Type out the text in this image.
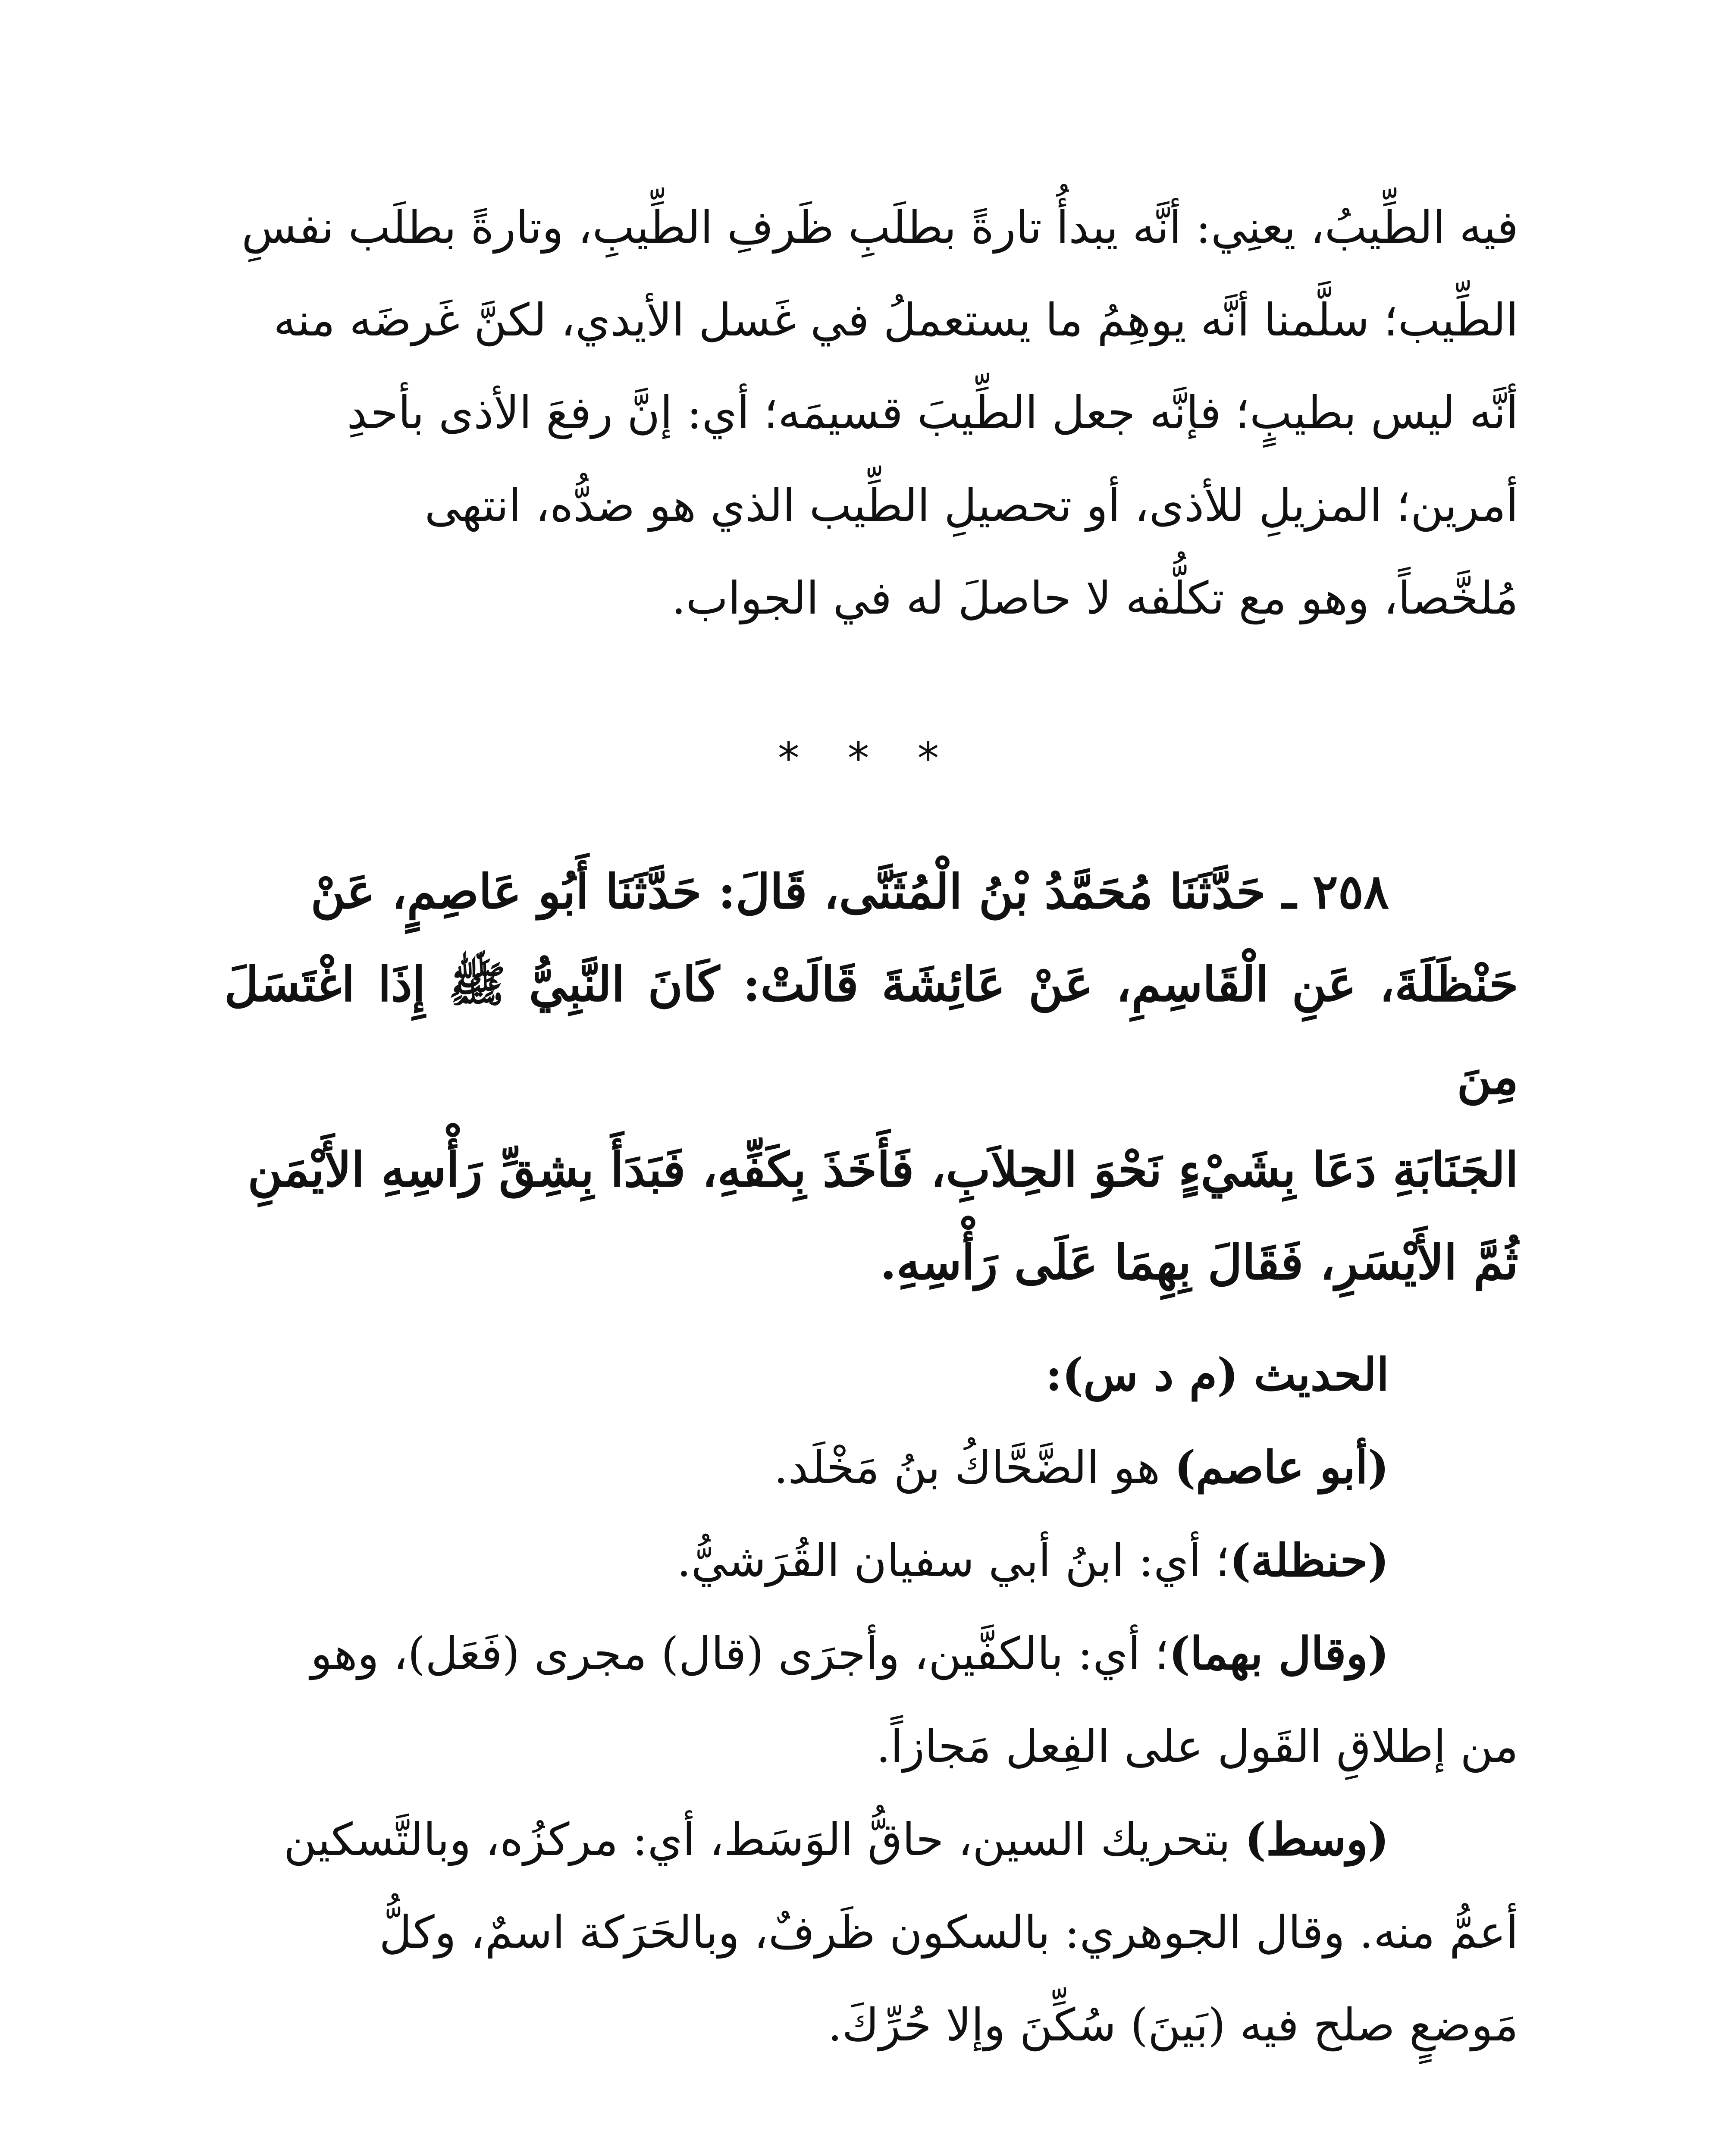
فيه الطِّيبُ، يعنِي: أنَّه يبدأُ تارةً بطلَبِ ظَرفِ الطِّيبِ، وتارةً بطلَب نفسِ
الطِّيب؛ سلَّمنا أنَّه يوهِمُ ما يستعملُ في غَسل الأيدي، لكنَّ غَرضَه منه
أنَّه ليس بطيبٍ؛ فإنَّه جعل الطِّيبَ قسيمَه؛ أي: إنَّ رفعَ الأذى بأحدِ
أمرين؛ المزيلِ للأذى، أو تحصيلِ الطِّيب الذي هو ضدُّه، انتهى
مُلخَّصاً، وهو مع تكلُّفه لا حاصلَ له في الجواب.
* * *
٢٥٨ ـ حَدَّثَنَا مُحَمَّدُ بْنُ الْمُثَنَّى، قَالَ: حَدَّثَنَا أَبُو عَاصِمٍ، عَنْ
حَنْظَلَةَ، عَنِ الْقَاسِمِ، عَنْ عَائِشَةَ قَالَتْ: كَانَ النَّبِيُّ ﷺ إِذَا اغْتَسَلَ مِنَ
الجَنَابَةِ دَعَا بِشَيْءٍ نَحْوَ الحِلاَبِ، فَأَخَذَ بِكَفِّهِ، فَبَدَأَ بِشِقِّ رَأْسِهِ الأَيْمَنِ
ثُمَّ الأَيْسَرِ، فَقَالَ بِهِمَا عَلَى رَأْسِهِ.
الحديث (م د س):
(أبو عاصم) هو الضَّحَّاكُ بنُ مَخْلَد.
(حنظلة)؛ أي: ابنُ أبي سفيان القُرَشيُّ.
(وقال بهما)؛ أي: بالكفَّين، وأجرَى (قال) مجرى (فَعَل)، وهو
من إطلاقِ القَول على الفِعل مَجازاً.
(وسط) بتحريك السين، حاقُّ الوَسَط، أي: مركزُه، وبالتَّسكين
أعمُّ منه. وقال الجوهري: بالسكون ظَرفٌ، وبالحَرَكة اسمٌ، وكلُّ
مَوضعٍ صلح فيه (بَينَ) سُكِّنَ وإلا حُرِّكَ.
